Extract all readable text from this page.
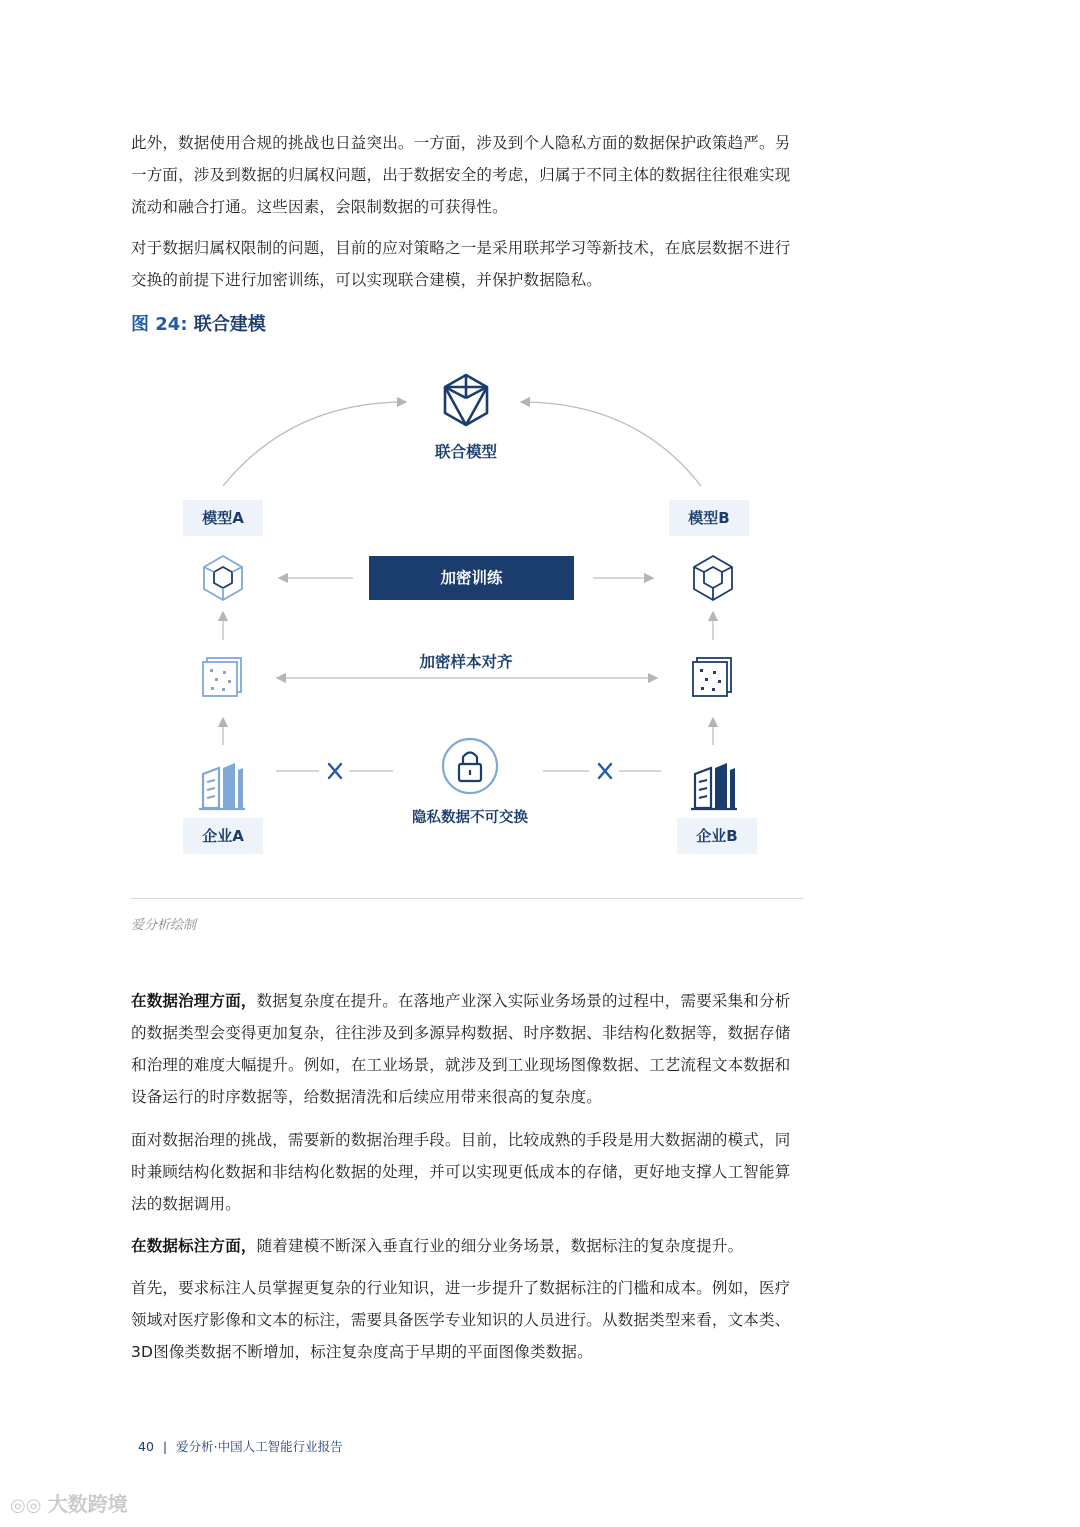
此外，数据使用合规的挑战也日益突出。一方面，涉及到个人隐私方面的数据保护政策趋严。另一方面，涉及到数据的归属权问题，出于数据安全的考虑，归属于不同主体的数据往往很难实现流动和融合打通。这些因素，会限制数据的可获得性。

对于数据归属权限制的问题，目前的应对策略之一是采用联邦学习等新技术，在底层数据不进行交换的前提下进行加密训练，可以实现联合建模，并保护数据隐私。

图 24: 联合建模

联合模型
模型A	模型B
加密训练
加密样本对齐
隐私数据不可交换
企业A	企业B
爱分析绘制

在数据治理方面，数据复杂度在提升。在落地产业深入实际业务场景的过程中，需要采集和分析的数据类型会变得更加复杂，往往涉及到多源异构数据、时序数据、非结构化数据等，数据存储和治理的难度大幅提升。例如，在工业场景，就涉及到工业现场图像数据、工艺流程文本数据和设备运行的时序数据等，给数据清洗和后续应用带来很高的复杂度。

面对数据治理的挑战，需要新的数据治理手段。目前，比较成熟的手段是用大数据湖的模式，同时兼顾结构化数据和非结构化数据的处理，并可以实现更低成本的存储，更好地支撑人工智能算法的数据调用。

在数据标注方面，随着建模不断深入垂直行业的细分业务场景，数据标注的复杂度提升。

首先，要求标注人员掌握更复杂的行业知识，进一步提升了数据标注的门槛和成本。例如，医疗领域对医疗影像和文本的标注，需要具备医学专业知识的人员进行。从数据类型来看，文本类、3D图像类数据不断增加，标注复杂度高于早期的平面图像类数据。

40 | 爱分析·中国人工智能行业报告
◎◎ 大数跨境
